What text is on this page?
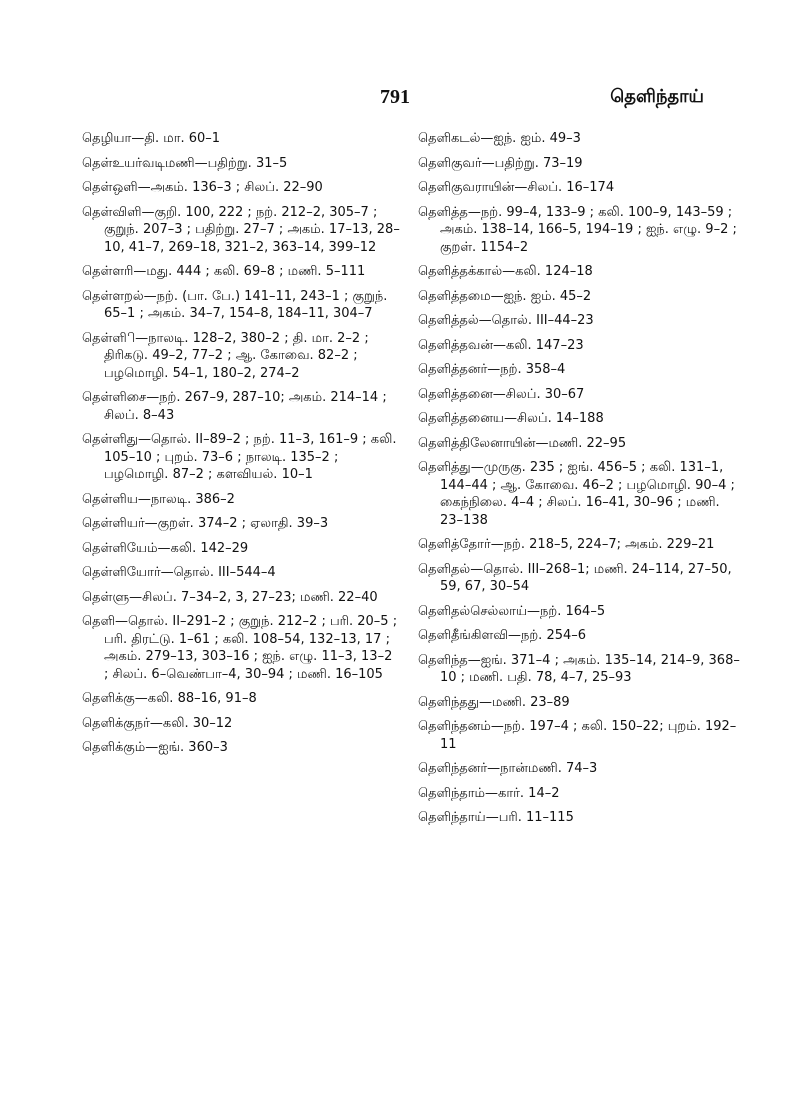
791	தெளிந்தாய்
தெழியா—தி. மா. 60–1
தெள்உயர்வடிமணி—பதிற்று. 31–5
தெள்ஒளி—அகம். 136–3 ; சிலப். 22–90
தெள்விளி—குறி. 100, 222 ; நற். 212–2, 305–7 ; குறுந். 207–3 ; பதிற்று. 27–7 ; அகம். 17–13, 28–10, 41–7, 269–18, 321–2, 363–14, 399–12
தெள்ளரி—மது. 444 ; கலி. 69–8 ; மணி. 5–111
தெள்ளறல்—நற். (பா. பே.) 141–11, 243–1 ; குறுந். 65–1 ; அகம். 34–7, 154–8, 184–11, 304–7
தெள்ளிி—நாலடி. 128–2, 380–2 ; தி. மா. 2–2 ; திரிகடு. 49–2, 77–2 ; ஆ. கோவை. 82–2 ; பழமொழி. 54–1, 180–2, 274–2
தெள்ளிசை—நற். 267–9, 287–10; அகம். 214–14 ; சிலப். 8–43
தெள்ளிது—தொல். II–89–2 ; நற். 11–3, 161–9 ; கலி. 105–10 ; புறம். 73–6 ; நாலடி. 135–2 ; பழமொழி. 87–2 ; களவியல். 10–1
தெள்ளிய—நாலடி. 386–2
தெள்ளியர்—குறள். 374–2 ; ஏலாதி. 39–3
தெள்ளியேம்—கலி. 142–29
தெள்ளியோர்—தொல். III–544–4
தெள்ளு—சிலப். 7–34–2, 3, 27–23; மணி. 22–40
தெளி—தொல். II–291–2 ; குறுந். 212–2 ; பரி. 20–5 ; பரி. திரட்டு. 1–61 ; கலி. 108–54, 132–13, 17 ; அகம். 279–13, 303–16 ; ஐந். எழு. 11–3, 13–2 ; சிலப். 6–வெண்பா–4, 30–94 ; மணி. 16–105
தெளிக்கு—கலி. 88–16, 91–8
தெளிக்குநர்—கலி. 30–12
தெளிக்கும்—ஐங். 360–3
தெளிகடல்—ஐந். ஐம். 49–3
தெளிகுவர்—பதிற்று. 73–19
தெளிகுவராயின்—சிலப். 16–174
தெளித்த—நற். 99–4, 133–9 ; கலி. 100–9, 143–59 ; அகம். 138–14, 166–5, 194–19 ; ஐந். எழு. 9–2 ; குறள். 1154–2
தெளித்தக்கால்—கலி. 124–18
தெளித்தமை—ஐந். ஐம். 45–2
தெளித்தல்—தொல். III–44–23
தெளித்தவன்—கலி. 147–23
தெளித்தனர்—நற். 358–4
தெளித்தனை—சிலப். 30–67
தெளித்தனைய—சிலப். 14–188
தெளித்திலேனாயின்—மணி. 22–95
தெளித்து—முருகு. 235 ; ஐங். 456–5 ; கலி. 131–1, 144–44 ; ஆ. கோவை. 46–2 ; பழமொழி. 90–4 ; கைந்நிலை. 4–4 ; சிலப். 16–41, 30–96 ; மணி. 23–138
தெளித்தோர்—நற். 218–5, 224–7; அகம். 229–21
தெளிதல்—தொல். III–268–1; மணி. 24–114, 27–50, 59, 67, 30–54
தெளிதல்செல்லாய்—நற். 164–5
தெளிதீங்கிளவி—நற். 254–6
தெளிந்த—ஐங். 371–4 ; அகம். 135–14, 214–9, 368–10 ; மணி. பதி. 78, 4–7, 25–93
தெளிந்தது—மணி. 23–89
தெளிந்தனம்—நற். 197–4 ; கலி. 150–22; புறம். 192–11
தெளிந்தனர்—நான்மணி. 74–3
தெளிந்தாம்—கார். 14–2
தெளிந்தாய்—பரி. 11–115
